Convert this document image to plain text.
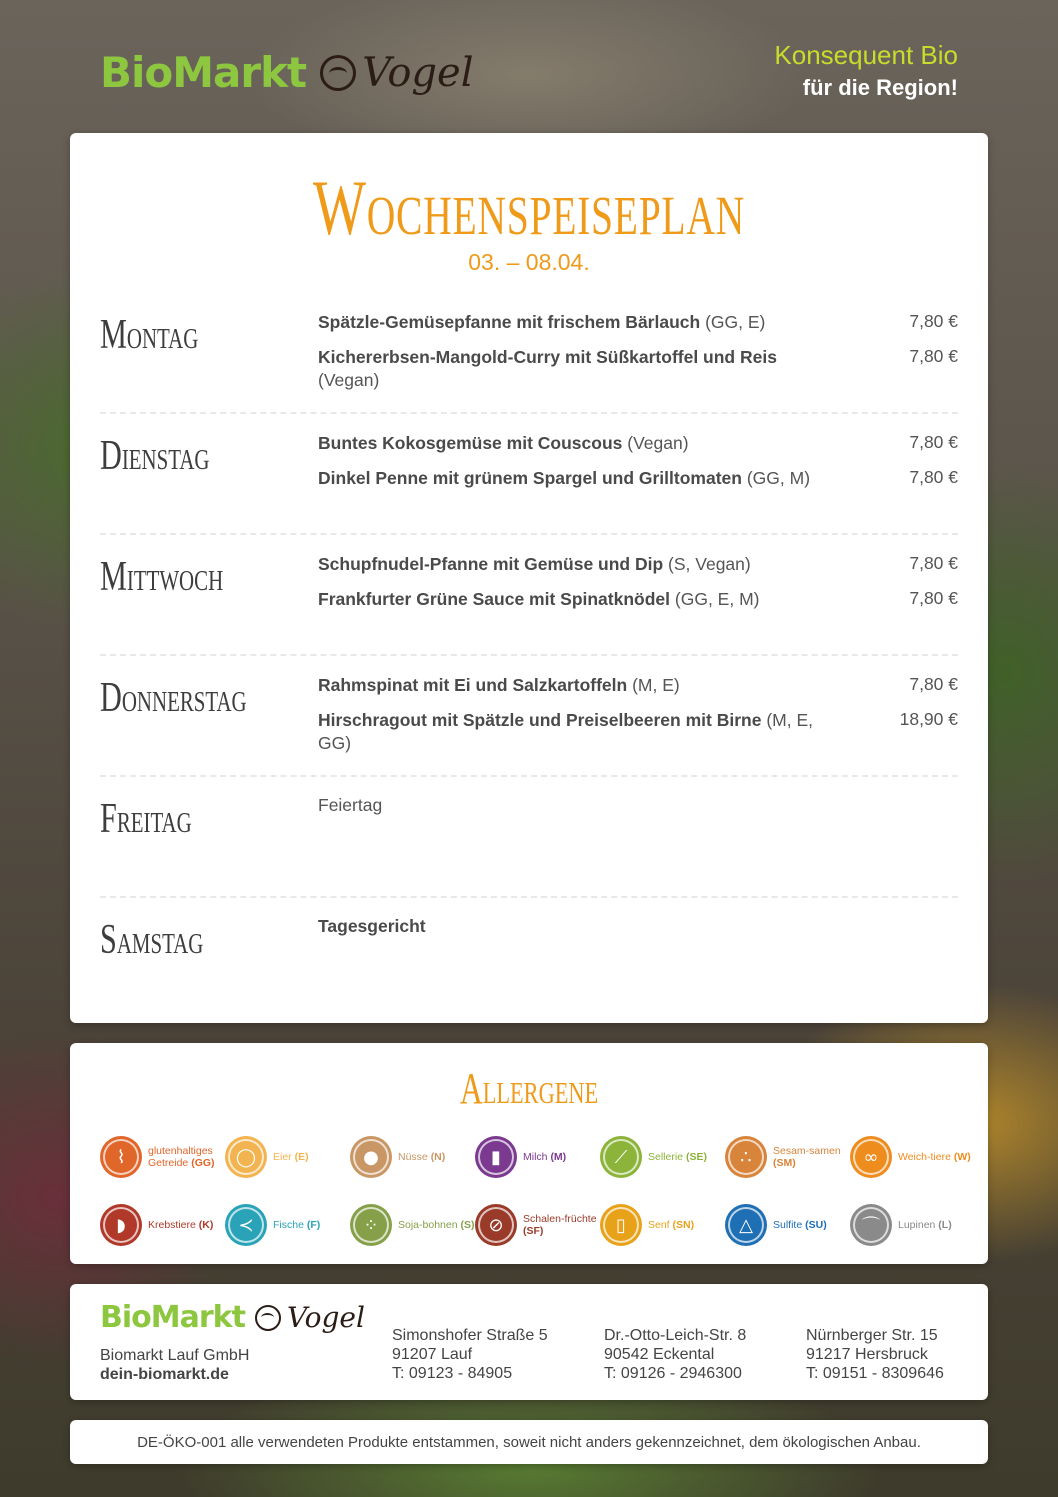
BioMarkt Vogel	Konsequent Bio
für die Region!
Wochenspeiseplan
03. – 08.04.
Montag	Spätzle-Gemüsepfanne mit frischem Bärlauch (GG, E)	7,80 €
Kichererbsen-Mangold-Curry mit Süßkartoffel und Reis (Vegan)
7,80 €
Dienstag	Buntes Kokosgemüse mit Couscous (Vegan)	7,80 €
Dinkel Penne mit grünem Spargel und Grilltomaten (GG, M)	7,80 €
Mittwoch	Schupfnudel-Pfanne mit Gemüse und Dip (S, Vegan)	7,80 €
Frankfurter Grüne Sauce mit Spinatknödel (GG, E, M)	7,80 €
Donnerstag	Rahmspinat mit Ei und Salzkartoffeln (M, E)	7,80 €
Hirschragout mit Spätzle und Preiselbeeren mit Birne (M, E, GG)
18,90 €
Freitag	Feiertag
Samstag	Tagesgericht
Allergene
⌇	glutenhaltiges Getreide (GG)	◯	Eier (E)	●	Nüsse (N)	▮	Milch (M)	⟋	Sellerie (SE)	∴	Sesam-samen (SM)	∞	Weich-tiere (W)
◗	Krebstiere (K)	≺	Fische (F)	⁘	Soja-bohnen (S) ⊘	Schalen-früchte (SF)	▯	Senf (SN)	△	Sulfite (SU)	⌒	Lupinen (L)
BioMarkt Vogel
Biomarkt Lauf GmbH
dein-biomarkt.de
Simonshofer Straße 5
91207 Lauf
T: 09123 - 84905
Dr.-Otto-Leich-Str. 8
90542 Eckental
T: 09126 - 2946300
Nürnberger Str. 15
91217 Hersbruck
T: 09151 - 8309646
DE-ÖKO-001 alle verwendeten Produkte entstammen, soweit nicht anders gekennzeichnet, dem ökologischen Anbau.
